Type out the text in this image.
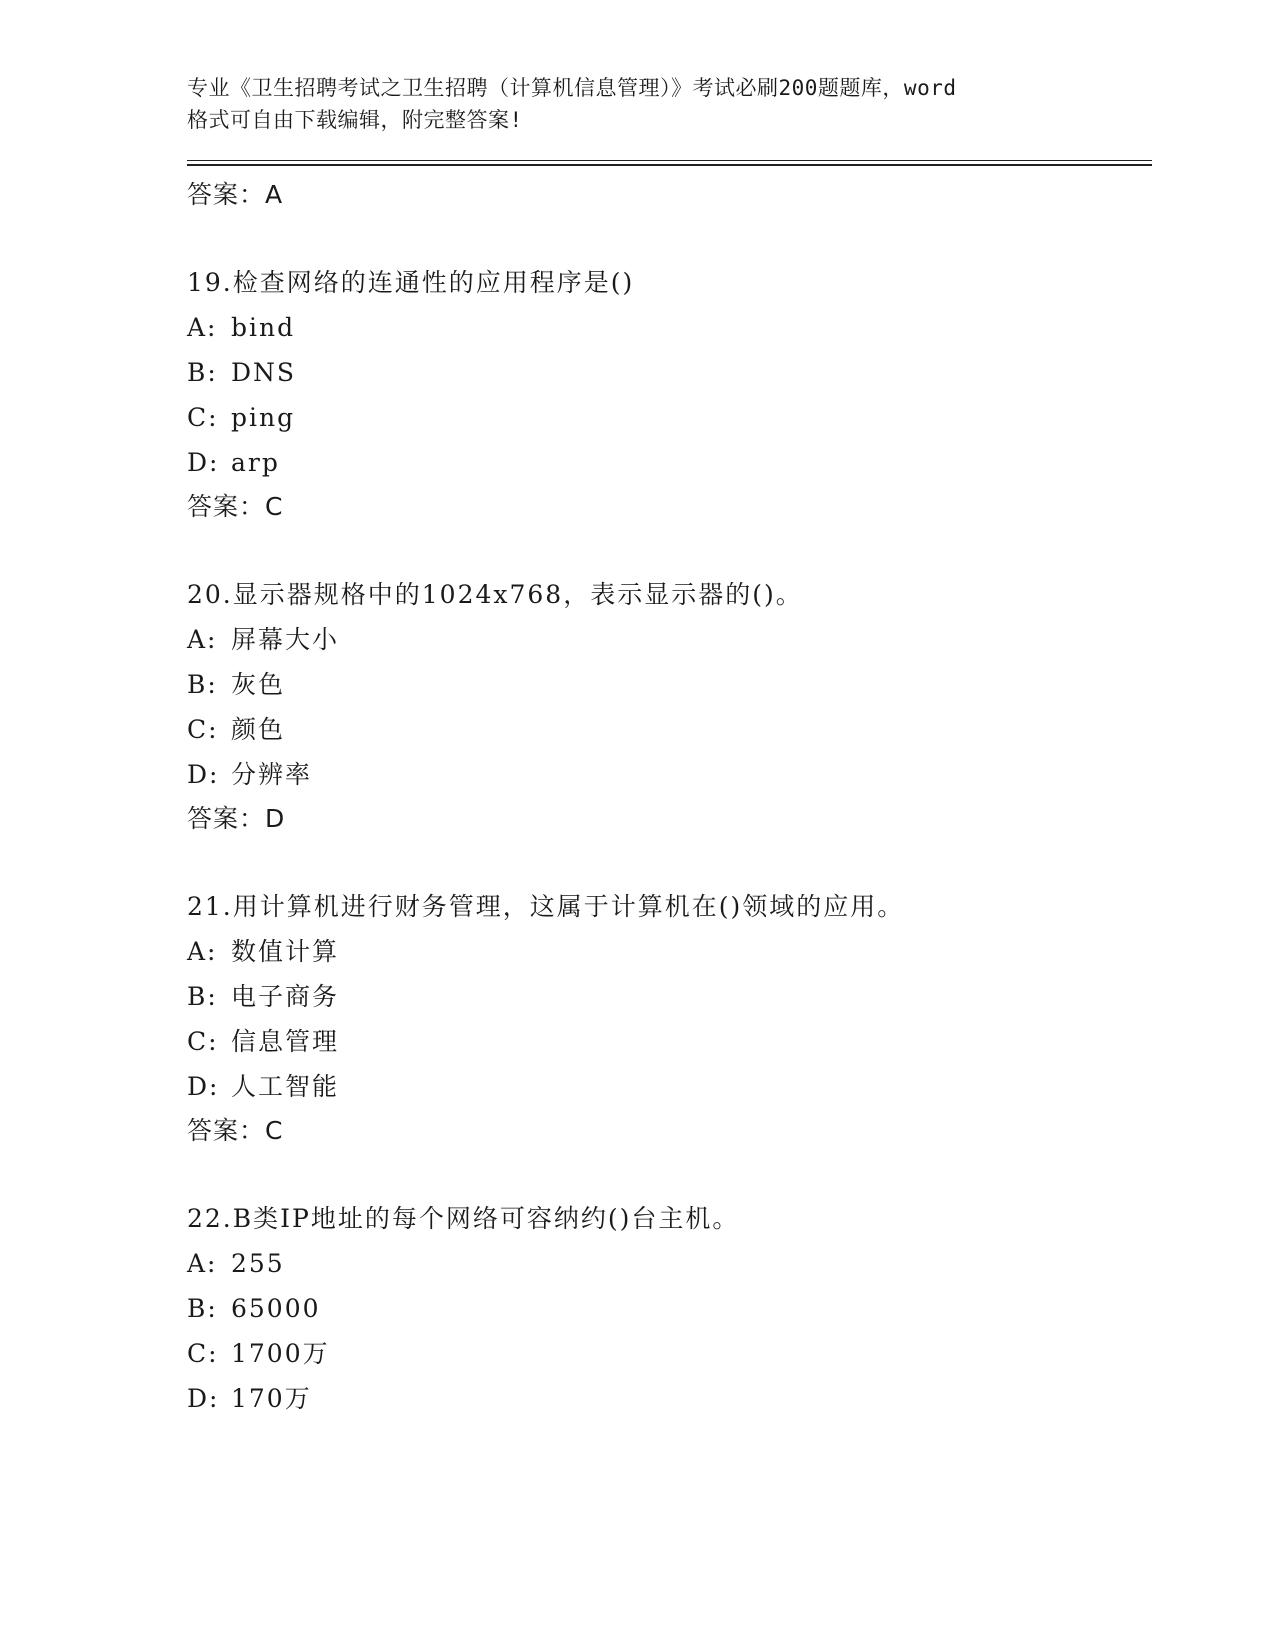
专业《卫生招聘考试之卫生招聘（计算机信息管理）》考试必刷200题题库，word
格式可自由下载编辑，附完整答案!
答案：A
19.检查网络的连通性的应用程序是()
A: bind
B: DNS
C: ping
D: arp
答案：C
20.显示器规格中的1024x768，表示显示器的()。
A: 屏幕大小
B: 灰色
C: 颜色
D: 分辨率
答案：D
21.用计算机进行财务管理，这属于计算机在()领域的应用。
A: 数值计算
B: 电子商务
C: 信息管理
D: 人工智能
答案：C
22.B类IP地址的每个网络可容纳约()台主机。
A: 255
B: 65000
C: 1700万
D: 170万
